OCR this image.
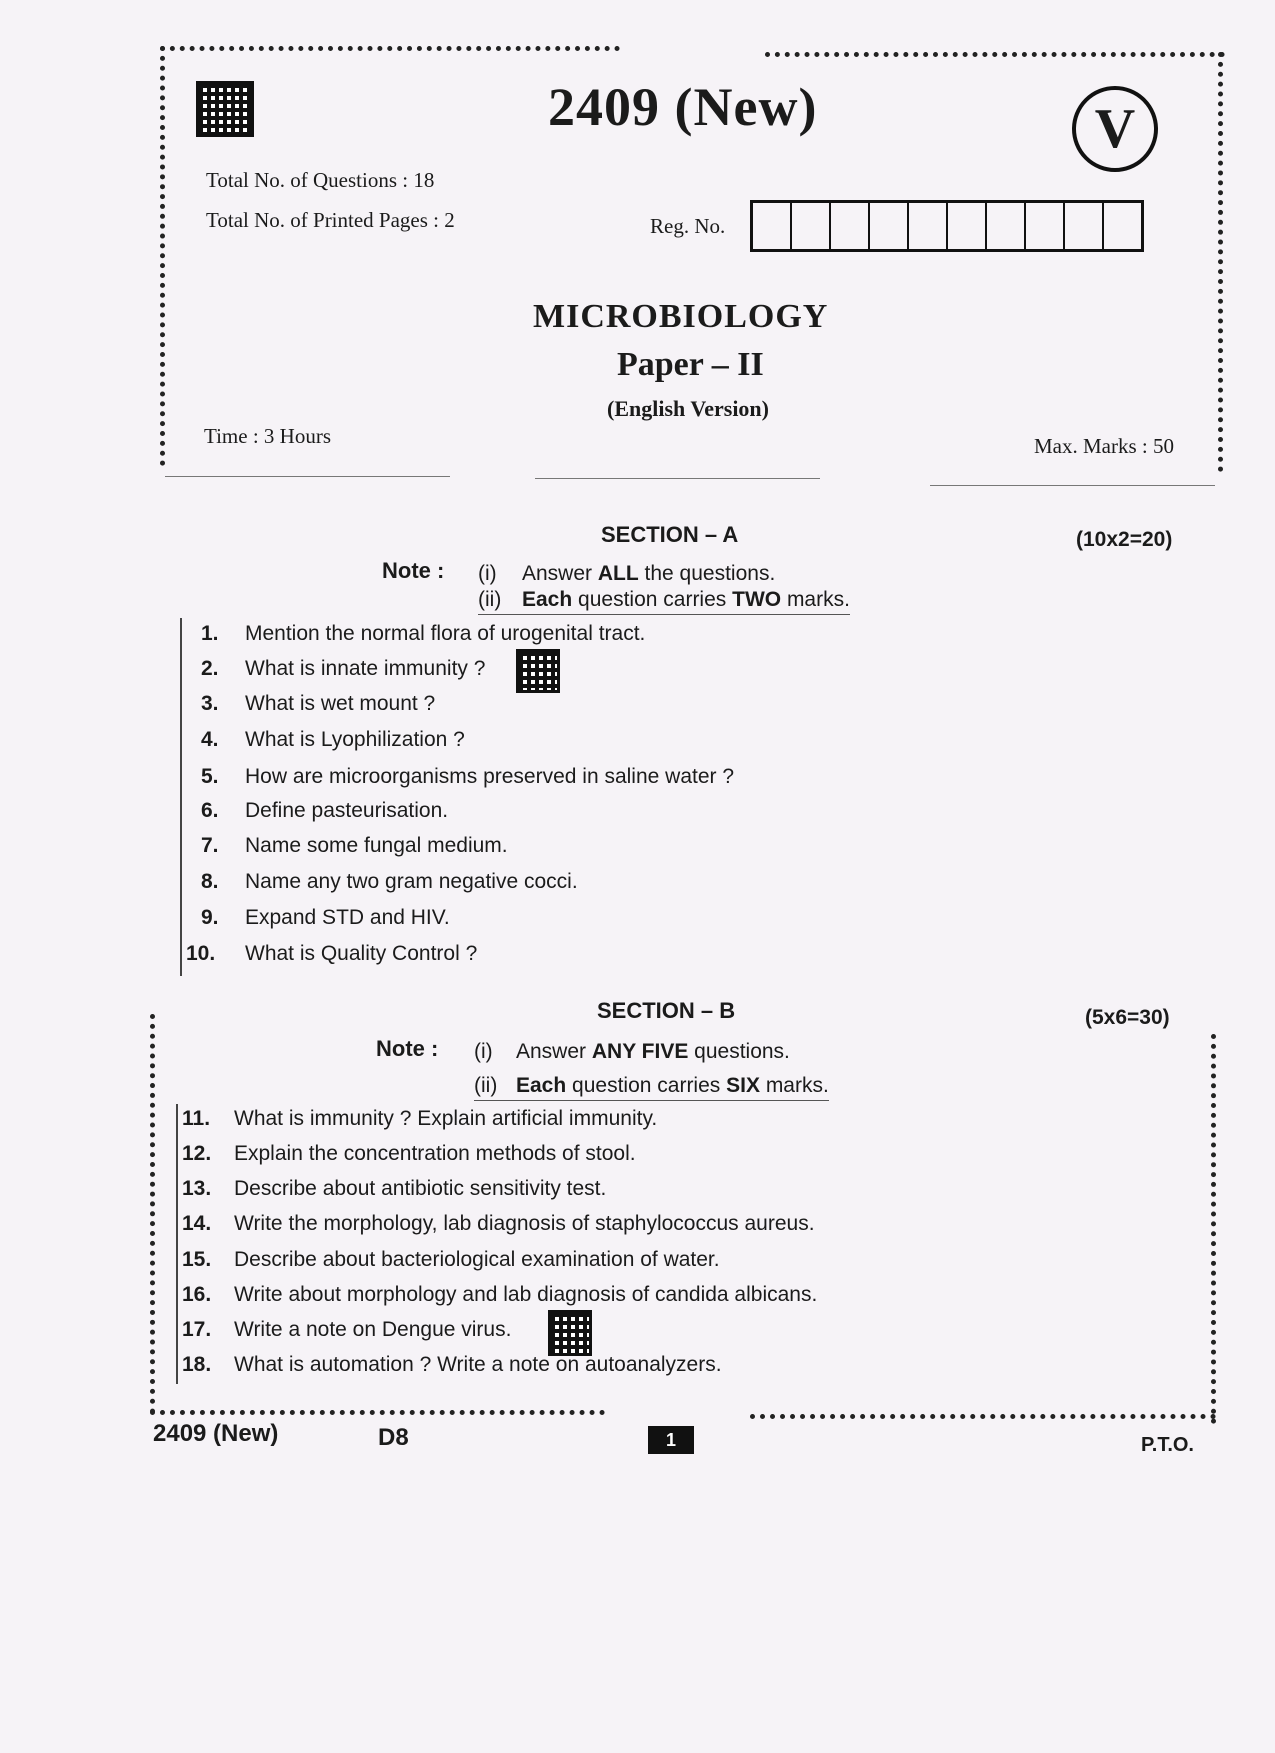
2409 (New)	V
Total No. of Questions : 18
Total No. of Printed Pages : 2	Reg. No.
MICROBIOLOGY
Paper – II
(English Version)
Time : 3 Hours	Max. Marks : 50
SECTION – A	(10x2=20)
Note : (i) Answer ALL the questions.
(ii) Each question carries TWO marks.
1. Mention the normal flora of urogenital tract.
2. What is innate immunity ?
3. What is wet mount ?
4. What is Lyophilization ?
5. How are microorganisms preserved in saline water ?
6. Define pasteurisation.
7. Name some fungal medium.
8. Name any two gram negative cocci.
9. Expand STD and HIV.
10. What is Quality Control ?
SECTION – B	(5x6=30)
Note : (i) Answer ANY FIVE questions.
(ii) Each question carries SIX marks.
11. What is immunity ? Explain artificial immunity.
12. Explain the concentration methods of stool.
13. Describe about antibiotic sensitivity test.
14. Write the morphology, lab diagnosis of staphylococcus aureus.
15. Describe about bacteriological examination of water.
16. Write about morphology and lab diagnosis of candida albicans.
17. Write a note on Dengue virus.
18. What is automation ? Write a note on autoanalyzers.
2409 (New)	D8	1	P.T.O.
